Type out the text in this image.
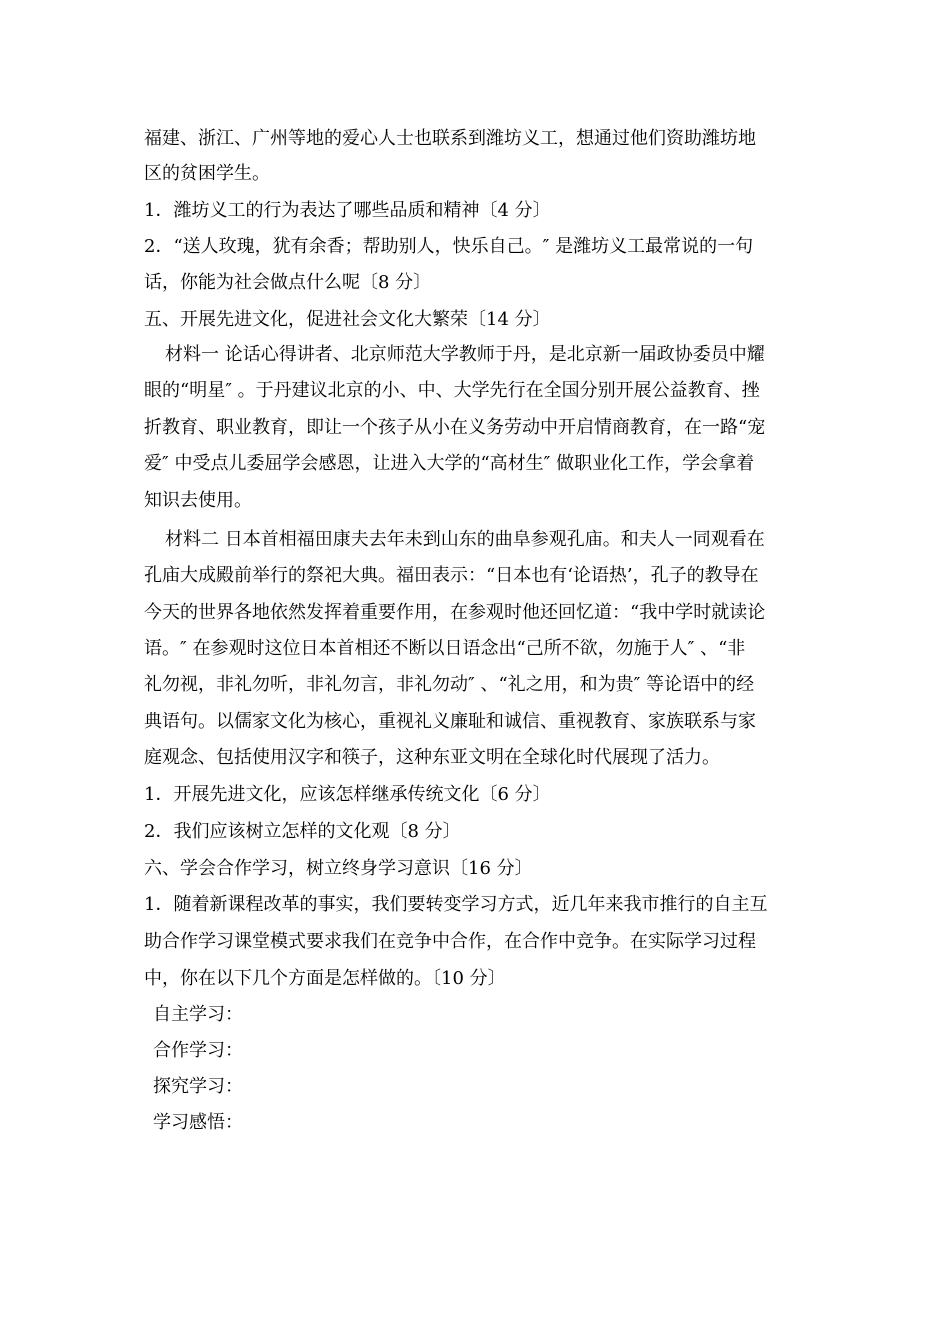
福建、浙江、广州等地的爱心人士也联系到潍坊义工，想通过他们资助潍坊地
区的贫困学生。
1．潍坊义工的行为表达了哪些品质和精神〔4 分〕
2．“送人玫瑰，犹有余香；帮助别人，快乐自己。″ 是潍坊义工最常说的一句
话，你能为社会做点什么呢〔8 分〕
五、开展先进文化，促进社会文化大繁荣〔14 分〕
材料一 论话心得讲者、北京师范大学教师于丹，是北京新一届政协委员中耀
眼的“明星″ 。于丹建议北京的小、中、大学先行在全国分别开展公益教育、挫
折教育、职业教育，即让一个孩子从小在义务劳动中开启情商教育，在一路“宠
爱″ 中受点儿委屈学会感恩，让进入大学的“高材生″ 做职业化工作，学会拿着
知识去使用。
材料二 日本首相福田康夫去年未到山东的曲阜参观孔庙。和夫人一同观看在
孔庙大成殿前举行的祭祀大典。福田表示：“日本也有‘论语热’，孔子的教导在
今天的世界各地依然发挥着重要作用，在参观时他还回忆道：“我中学时就读论
语。″ 在参观时这位日本首相还不断以日语念出“己所不欲，勿施于人″ 、“非
礼勿视，非礼勿听，非礼勿言，非礼勿动″ 、“礼之用，和为贵″ 等论语中的经
典语句。以儒家文化为核心，重视礼义廉耻和诚信、重视教育、家族联系与家
庭观念、包括使用汉字和筷子，这种东亚文明在全球化时代展现了活力。
1．开展先进文化，应该怎样继承传统文化〔6 分〕
2．我们应该树立怎样的文化观〔8 分〕
六、学会合作学习，树立终身学习意识〔16 分〕
1．随着新课程改革的事实，我们要转变学习方式，近几年来我市推行的自主互
助合作学习课堂模式要求我们在竞争中合作，在合作中竞争。在实际学习过程
中，你在以下几个方面是怎样做的。〔10 分〕
自主学习：
合作学习：
探究学习：
学习感悟：
